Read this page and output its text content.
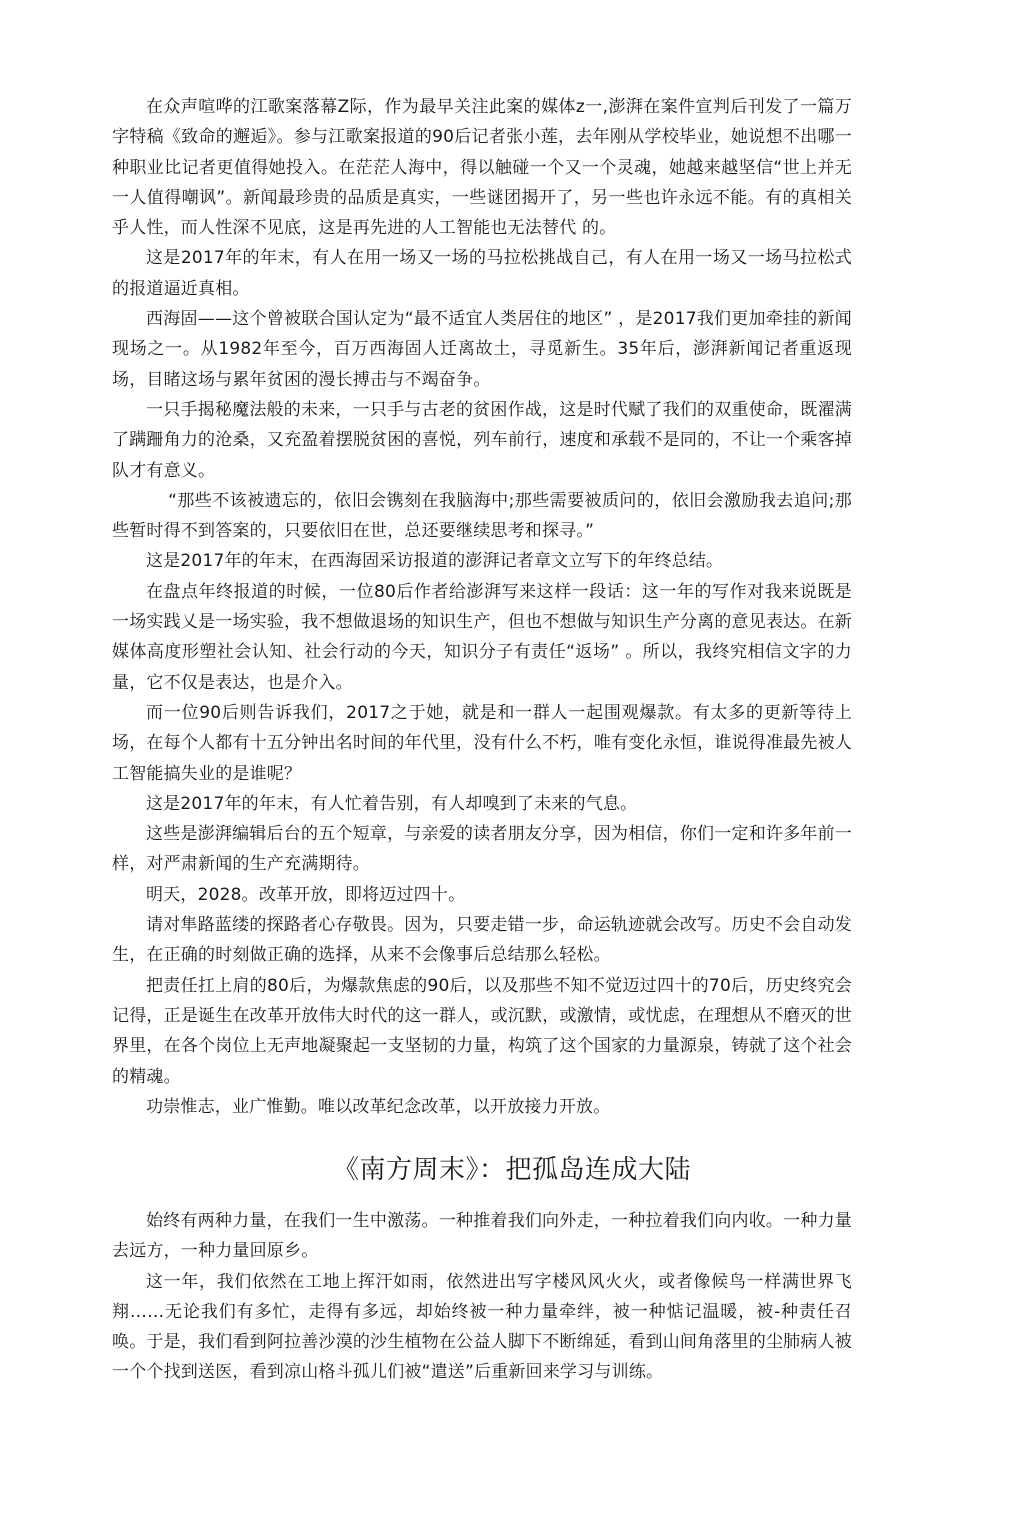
在众声喧哗的江歌案落幕Z际，作为最早关注此案的媒体z一,澎湃在案件宣判后刊发了一篇万字特稿《致命的邂逅》。参与江歌案报道的90后记者张小莲，去年刚从学校毕业，她说想不出哪一种职业比记者更值得她投入。在茫茫人海中，得以触碰一个又一个灵魂，她越来越坚信“世上并无一人值得嘲讽”。新闻最珍贵的品质是真实，一些谜团揭开了，另一些也许永远不能。有的真相关乎人性，而人性深不见底，这是再先进的人工智能也无法替代 的。

这是2017年的年末，有人在用一场又一场的马拉松挑战自己，有人在用一场又一场马拉松式的报道逼近真相。

西海固——这个曾被联合国认定为“最不适宜人类居住的地区” ，是2017我们更加牵挂的新闻现场之一。从1982年至今，百万西海固人迁离故土，寻觅新生。35年后，澎湃新闻记者重返现场，目睹这场与累年贫困的漫长搏击与不竭奋争。

一只手揭秘魔法般的未来，一只手与古老的贫困作战，这是时代赋了我们的双重使命，既濯满了蹒跚角力的沧桑，又充盈着摆脱贫困的喜悦，列车前行，速度和承载不是同的，不让一个乘客掉队才有意义。

“那些不该被遗忘的，依旧会镌刻在我脑海中;那些需要被质问的，依旧会激励我去追问;那些暂时得不到答案的，只要依旧在世，总还要继续思考和探寻。”

这是2017年的年末，在西海固采访报道的澎湃记者章文立写下的年终总结。

在盘点年终报道的时候，一位80后作者给澎湃写来这样一段话：这一年的写作对我来说既是一场实践乂是一场实验，我不想做退场的知识生产，但也不想做与知识生产分离的意见表达。在新媒体高度形塑社会认知、社会行动的今天，知识分子有责任“返场” 。所以，我终究相信文字的力量，它不仅是表达，也是介入。

而一位90后则告诉我们，2017之于她，就是和一群人一起围观爆款。有太多的更新等待上场，在每个人都有十五分钟出名时间的年代里，没有什么不朽，唯有变化永恒，谁说得准最先被人工智能搞失业的是谁呢？

这是2017年的年末，有人忙着告别，有人却嗅到了未来的气息。

这些是澎湃编辑后台的五个短章，与亲爱的读者朋友分享，因为相信，你们一定和许多年前一样，对严肃新闻的生产充满期待。

明天，2028。改革开放，即将迈过四十。

请对隼路蓝缕的探路者心存敬畏。因为，只要走错一步，命运轨迹就会改写。历史不会自动发生，在正确的时刻做正确的选择，从来不会像事后总结那么轻松。

把责任扛上肩的80后，为爆款焦虑的90后，以及那些不知不觉迈过四十的70后，历史终究会记得，正是诞生在改革开放伟大时代的这一群人，或沉默，或激情，或忧虑，在理想从不磨灭的世界里，在各个岗位上无声地凝聚起一支坚韧的力量，构筑了这个国家的力量源泉，铸就了这个社会的精魂。

功崇惟志，业广惟勤。唯以改革纪念改革，以开放接力开放。

《南方周末》：把孤岛连成大陆

始终有两种力量，在我们一生中激荡。一种推着我们向外走，一种拉着我们向内收。一种力量去远方，一种力量回原乡。

这一年，我们依然在工地上挥汗如雨，依然进出写字楼风风火火，或者像候鸟一样满世界飞翔……无论我们有多忙，走得有多远，却始终被一种力量牵绊，被一种惦记温暖，被-种责任召唤。于是，我们看到阿拉善沙漠的沙生植物在公益人脚下不断绵延，看到山间角落里的尘肺病人被一个个找到送医，看到凉山格斗孤儿们被“遣送”后重新回来学习与训练。
